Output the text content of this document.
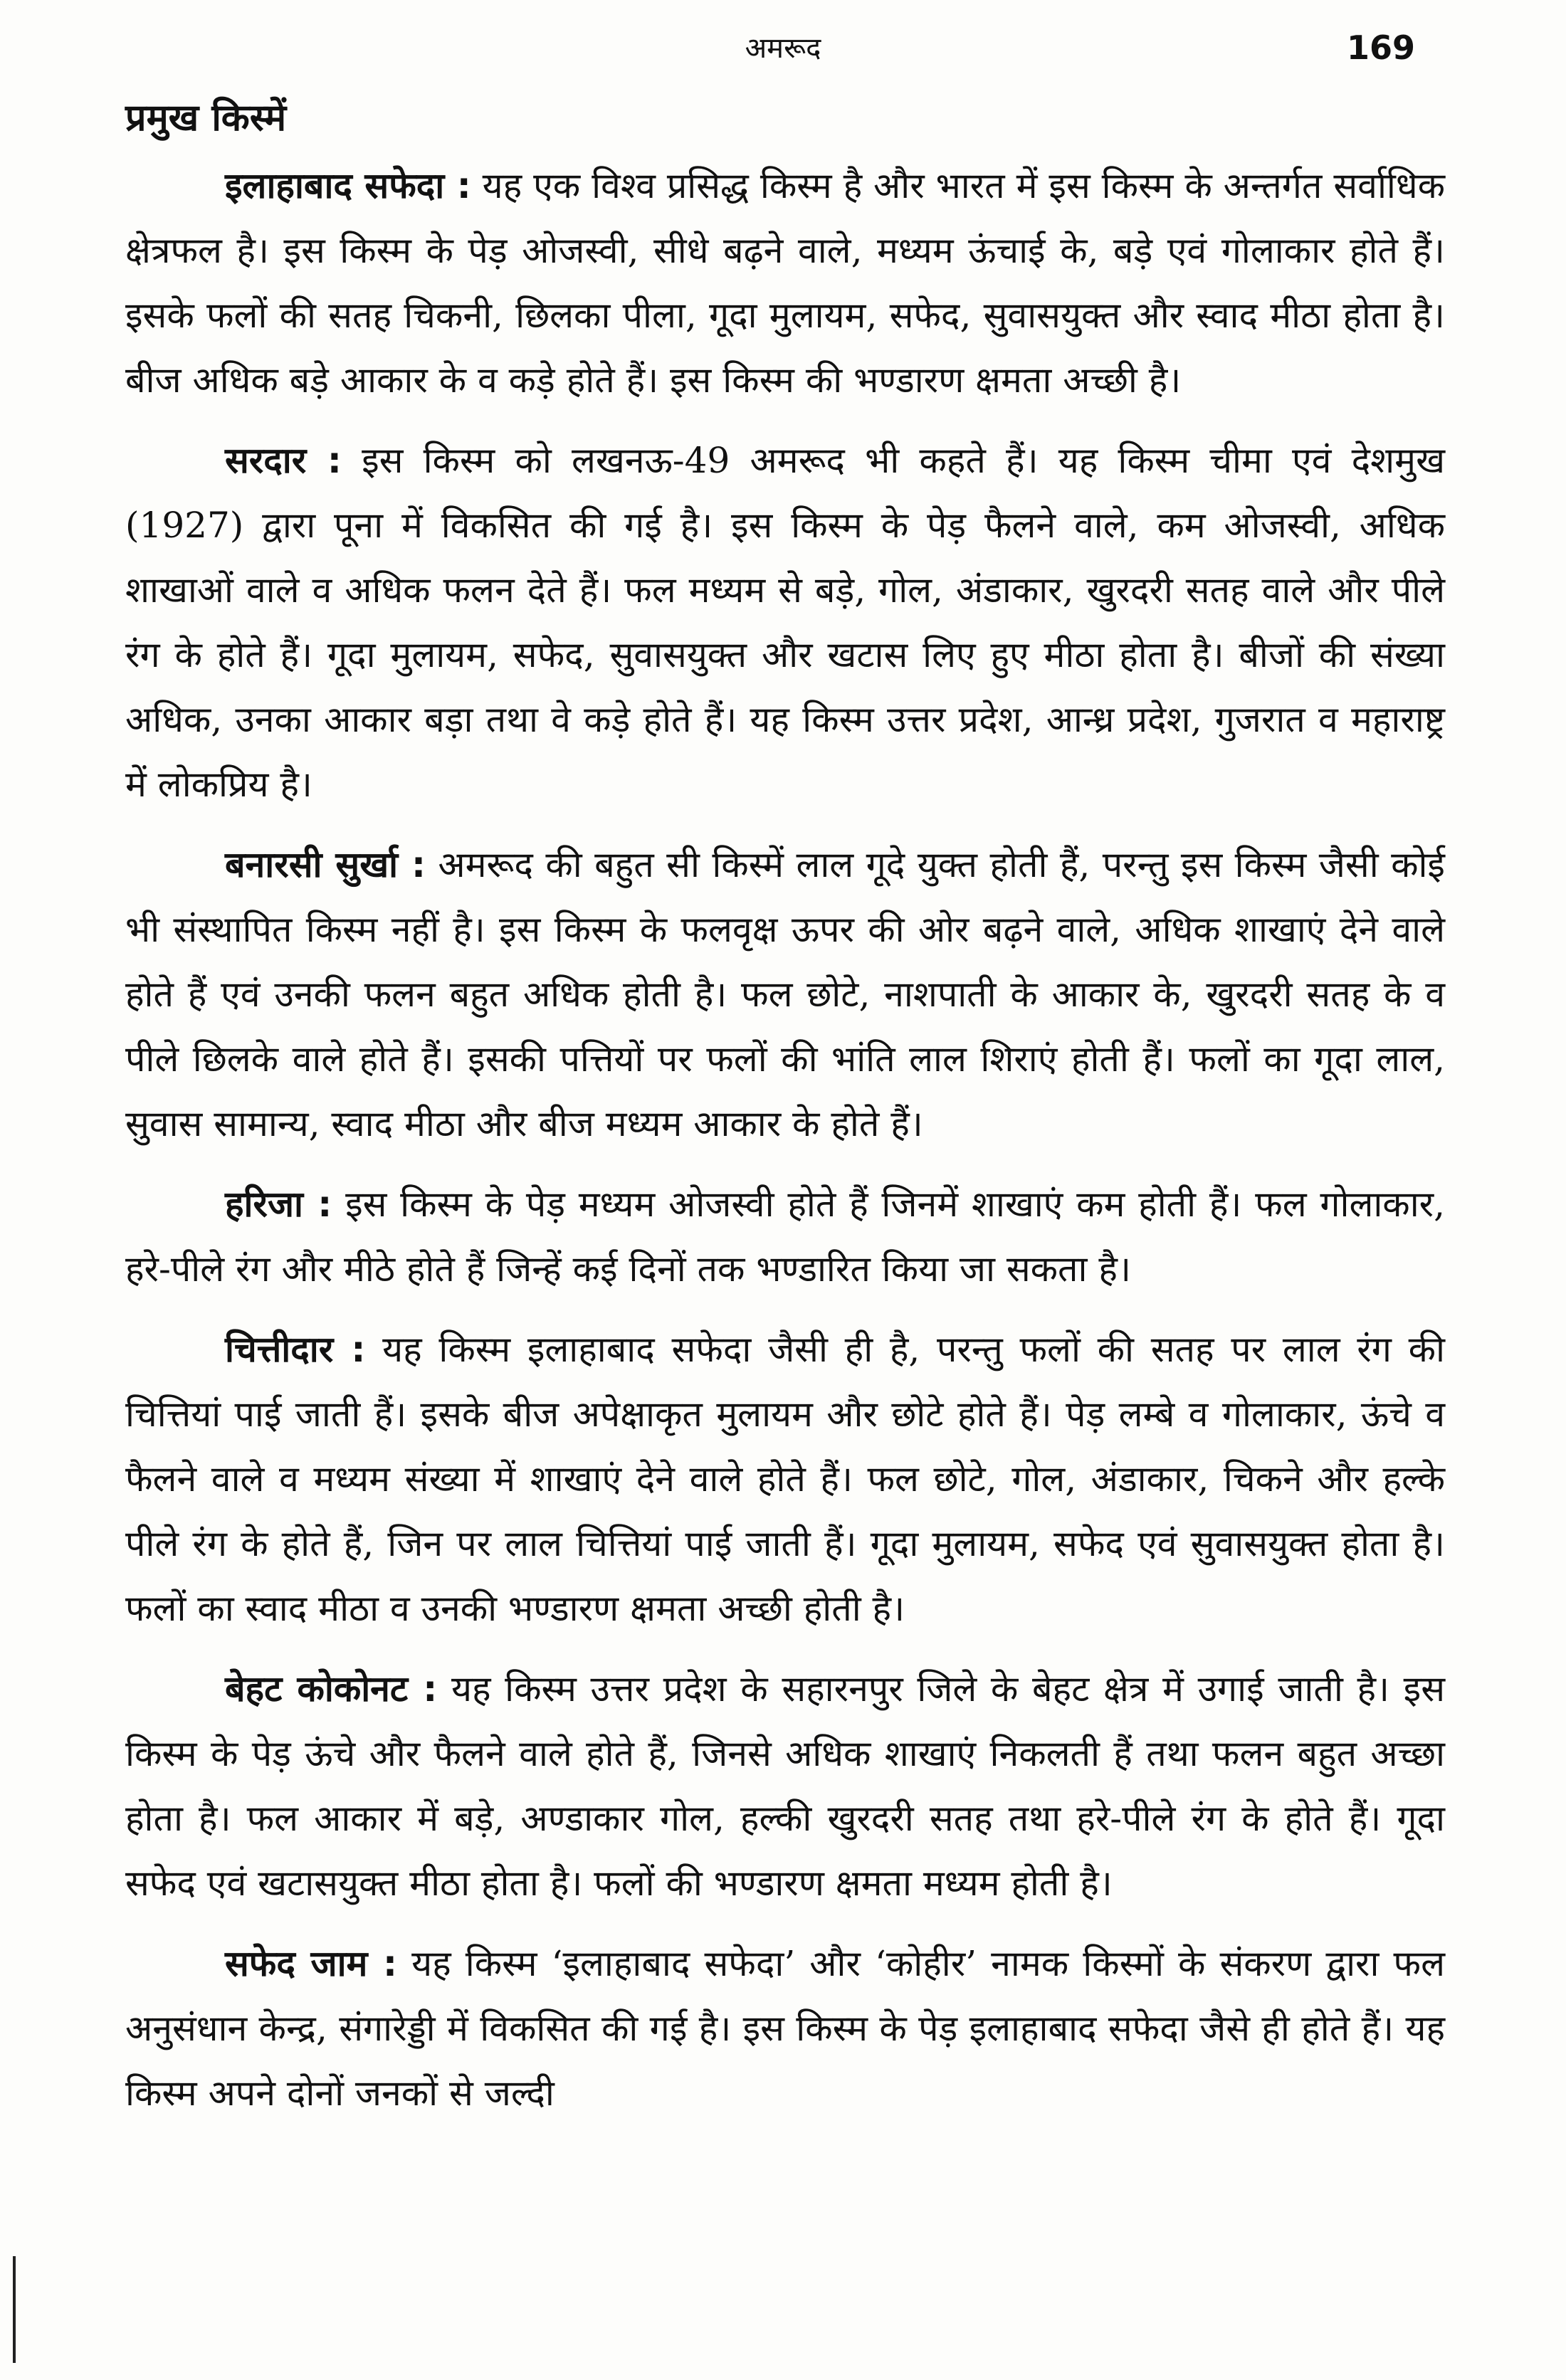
अमरूद	169
प्रमुख किस्में

इलाहाबाद सफेदा : यह एक विश्व प्रसिद्ध किस्म है और भारत में इस किस्म के अन्तर्गत सर्वाधिक क्षेत्रफल है। इस किस्म के पेड़ ओजस्वी, सीधे बढ़ने वाले, मध्यम ऊंचाई के, बड़े एवं गोलाकार होते हैं। इसके फलों की सतह चिकनी, छिलका पीला, गूदा मुलायम, सफेद, सुवासयुक्त और स्वाद मीठा होता है। बीज अधिक बड़े आकार के व कड़े होते हैं। इस किस्म की भण्डारण क्षमता अच्छी है।

सरदार : इस किस्म को लखनऊ-49 अमरूद भी कहते हैं। यह किस्म चीमा एवं देशमुख (1927) द्वारा पूना में विकसित की गई है। इस किस्म के पेड़ फैलने वाले, कम ओजस्वी, अधिक शाखाओं वाले व अधिक फलन देते हैं। फल मध्यम से बड़े, गोल, अंडाकार, खुरदरी सतह वाले और पीले रंग के होते हैं। गूदा मुलायम, सफेद, सुवासयुक्त और खटास लिए हुए मीठा होता है। बीजों की संख्या अधिक, उनका आकार बड़ा तथा वे कड़े होते हैं। यह किस्म उत्तर प्रदेश, आन्ध्र प्रदेश, गुजरात व महाराष्ट्र में लोकप्रिय है।

बनारसी सुर्खा : अमरूद की बहुत सी किस्में लाल गूदे युक्त होती हैं, परन्तु इस किस्म जैसी कोई भी संस्थापित किस्म नहीं है। इस किस्म के फलवृक्ष ऊपर की ओर बढ़ने वाले, अधिक शाखाएं देने वाले होते हैं एवं उनकी फलन बहुत अधिक होती है। फल छोटे, नाशपाती के आकार के, खुरदरी सतह के व पीले छिलके वाले होते हैं। इसकी पत्तियों पर फलों की भांति लाल शिराएं होती हैं। फलों का गूदा लाल, सुवास सामान्य, स्वाद मीठा और बीज मध्यम आकार के होते हैं।

हरिजा : इस किस्म के पेड़ मध्यम ओजस्वी होते हैं जिनमें शाखाएं कम होती हैं। फल गोलाकार, हरे-पीले रंग और मीठे होते हैं जिन्हें कई दिनों तक भण्डारित किया जा सकता है।

चित्तीदार : यह किस्म इलाहाबाद सफेदा जैसी ही है, परन्तु फलों की सतह पर लाल रंग की चित्तियां पाई जाती हैं। इसके बीज अपेक्षाकृत मुलायम और छोटे होते हैं। पेड़ लम्बे व गोलाकार, ऊंचे व फैलने वाले व मध्यम संख्या में शाखाएं देने वाले होते हैं। फल छोटे, गोल, अंडाकार, चिकने और हल्के पीले रंग के होते हैं, जिन पर लाल चित्तियां पाई जाती हैं। गूदा मुलायम, सफेद एवं सुवासयुक्त होता है। फलों का स्वाद मीठा व उनकी भण्डारण क्षमता अच्छी होती है।

बेहट कोकोनट : यह किस्म उत्तर प्रदेश के सहारनपुर जिले के बेहट क्षेत्र में उगाई जाती है। इस किस्म के पेड़ ऊंचे और फैलने वाले होते हैं, जिनसे अधिक शाखाएं निकलती हैं तथा फलन बहुत अच्छा होता है। फल आकार में बड़े, अण्डाकार गोल, हल्की खुरदरी सतह तथा हरे-पीले रंग के होते हैं। गूदा सफेद एवं खटासयुक्त मीठा होता है। फलों की भण्डारण क्षमता मध्यम होती है।

सफेद जाम : यह किस्म ‘इलाहाबाद सफेदा’ और ‘कोहीर’ नामक किस्मों के संकरण द्वारा फल अनुसंधान केन्द्र, संगारेड्डी में विकसित की गई है। इस किस्म के पेड़ इलाहाबाद सफेदा जैसे ही होते हैं। यह किस्म अपने दोनों जनकों से जल्दी
